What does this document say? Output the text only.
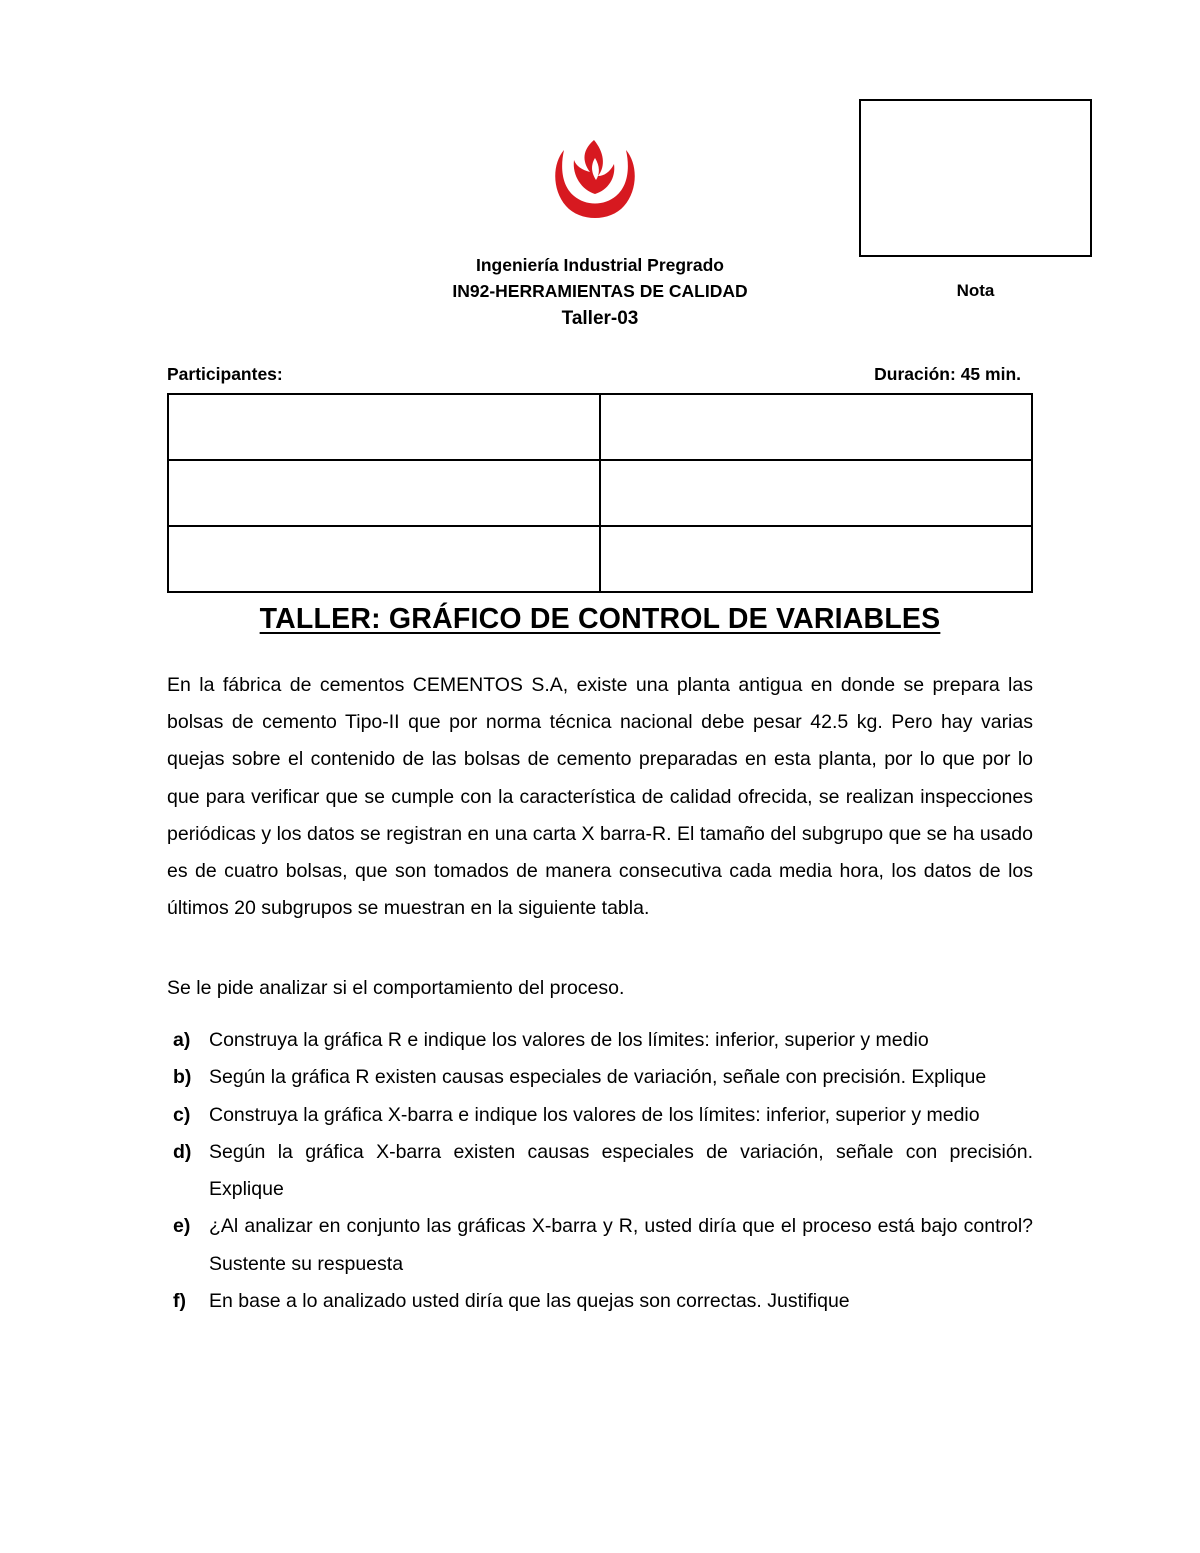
Nota
Ingeniería Industrial Pregrado
IN92-HERRAMIENTAS DE CALIDAD
Taller-03
Participantes:	Duración: 45 min.

TALLER: GRÁFICO DE CONTROL DE VARIABLES

En la fábrica de cementos CEMENTOS S.A, existe una planta antigua en donde se prepara las bolsas de cemento Tipo-II que por norma técnica nacional debe pesar 42.5 kg. Pero hay varias quejas sobre el contenido de las bolsas de cemento preparadas en esta planta, por lo que por lo que para verificar que se cumple con la característica de calidad ofrecida, se realizan inspecciones periódicas y los datos se registran en una carta X barra-R. El tamaño del subgrupo que se ha usado es de cuatro bolsas, que son tomados de manera consecutiva cada media hora, los datos de los últimos 20 subgrupos se muestran en la siguiente tabla.

Se le pide analizar si el comportamiento del proceso.

a) Construya la gráfica R e indique los valores de los límites: inferior, superior y medio
b) Según la gráfica R existen causas especiales de variación, señale con precisión. Explique
c) Construya la gráfica X-barra e indique los valores de los límites: inferior, superior y medio
d) Según la gráfica X-barra existen causas especiales de variación, señale con precisión. Explique
e) ¿Al analizar en conjunto las gráficas X-barra y R, usted diría que el proceso está bajo control? Sustente su respuesta
f) En base a lo analizado usted diría que las quejas son correctas. Justifique
